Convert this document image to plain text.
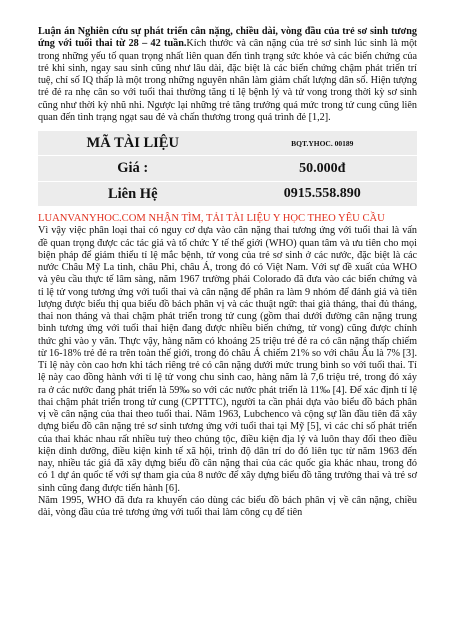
Luận án Nghiên cứu sự phát triển cân nặng, chiều dài, vòng đầu của trẻ sơ sinh tương ứng với tuổi thai từ 28 – 42 tuần.Kích thước và cân nặng của trẻ sơ sinh lúc sinh là một trong những yếu tố quan trọng nhất liên quan đến tình trạng sức khỏe và các biến chứng của trẻ khi sinh, ngay sau sinh cũng như lâu dài, đặc biệt là các biến chứng chậm phát triển trí tuệ, chỉ số IQ thấp là một trong những nguyên nhân làm giảm chất lượng dân số. Hiện tượng trẻ đẻ ra nhẹ cân so với tuổi thai thường tăng tỉ lệ bệnh lý và tử vong trong thời kỳ sơ sinh cũng như thời kỳ nhũ nhi. Ngược lại những trẻ tăng trưởng quá mức trong tử cung cũng liên quan đến tình trạng ngạt sau đẻ và chấn thương trong quá trình đẻ [1,2].

MÃ TÀI LIỆU	BQT.YHOC. 00189
Giá :	50.000đ
Liên Hệ	0915.558.890

LUANVANYHOC.COM NHẬN TÌM, TẢI TÀI LIỆU Y HỌC THEO YÊU CẦU

Vì vậy việc phân loại thai có nguy cơ dựa vào cân nặng thai tương ứng với tuổi thai là vấn đề quan trọng được các tác giả và tổ chức Y tế thế giới (WHO) quan tâm và ưu tiên cho mọi biện pháp để giảm thiểu tỉ lệ mắc bệnh, tử vong của trẻ sơ sinh ở các nước, đặc biệt là các nước Châu Mỹ La tinh, châu Phi, châu Á, trong đó có Việt Nam. Với sự đề xuất của WHO và yêu cầu thực tế lâm sàng, năm 1967 trường phái Colorado đã đưa vào các biến chứng và tỉ lệ tử vong tương ứng với tuổi thai và cân nặng để phân ra làm 9 nhóm để đánh giá và tiên lượng được biểu thị qua biểu đồ bách phân vị và các thuật ngữ: thai già tháng, thai đủ tháng, thai non tháng và thai chậm phát triển trong tử cung (gồm thai dưới đường cân nặng trung bình tương ứng với tuổi thai hiện đang được nhiều biến chứng, tử vong) cũng được chính thức ghi vào y văn. Thực vậy, hàng năm có khoảng 25 triệu trẻ đẻ ra có cân nặng thấp chiếm từ 16-18% trẻ đẻ ra trên toàn thế giới, trong đó châu Á chiếm 21% so với châu Âu là 7% [3]. Tỉ lệ này còn cao hơn khi tách riêng trẻ có cân nặng dưới mức trung bình so với tuổi thai. Tỉ lệ này cao đồng hành với tỉ lệ tử vong chu sinh cao, hàng năm là 7,6 triệu trẻ, trong đó xảy ra ở các nước đang phát triển là 59‰ so với các nước phát triển là 11‰ [4]. Để xác định tỉ lệ thai chậm phát triển trong tử cung (CPTTTC), người ta cần phải dựa vào biểu đồ bách phân vị về cân nặng của thai theo tuổi thai. Năm 1963, Lubchenco và cộng sự lần đầu tiên đã xây dựng biểu đồ cân nặng trẻ sơ sinh tương ứng với tuổi thai tại Mỹ [5], vì các chỉ số phát triển của thai khác nhau rất nhiều tuỳ theo chủng tộc, điều kiện địa lý và luôn thay đổi theo điều kiện dinh dưỡng, điều kiện kinh tế xã hội, trình độ dân trí do đó liên tục từ năm 1963 đến nay, nhiều tác giả đã xây dựng biểu đồ cân nặng thai của các quốc gia khác nhau, trong đó có 1 dự án quốc tế với sự tham gia của 8 nước để xây dựng biểu đồ tăng trưởng thai và trẻ sơ sinh cũng đang được tiến hành [6].

Năm 1995, WHO đã đưa ra khuyến cáo dùng các biểu đồ bách phân vị về cân nặng, chiều dài, vòng đầu của trẻ tương ứng với tuổi thai làm công cụ để tiên
